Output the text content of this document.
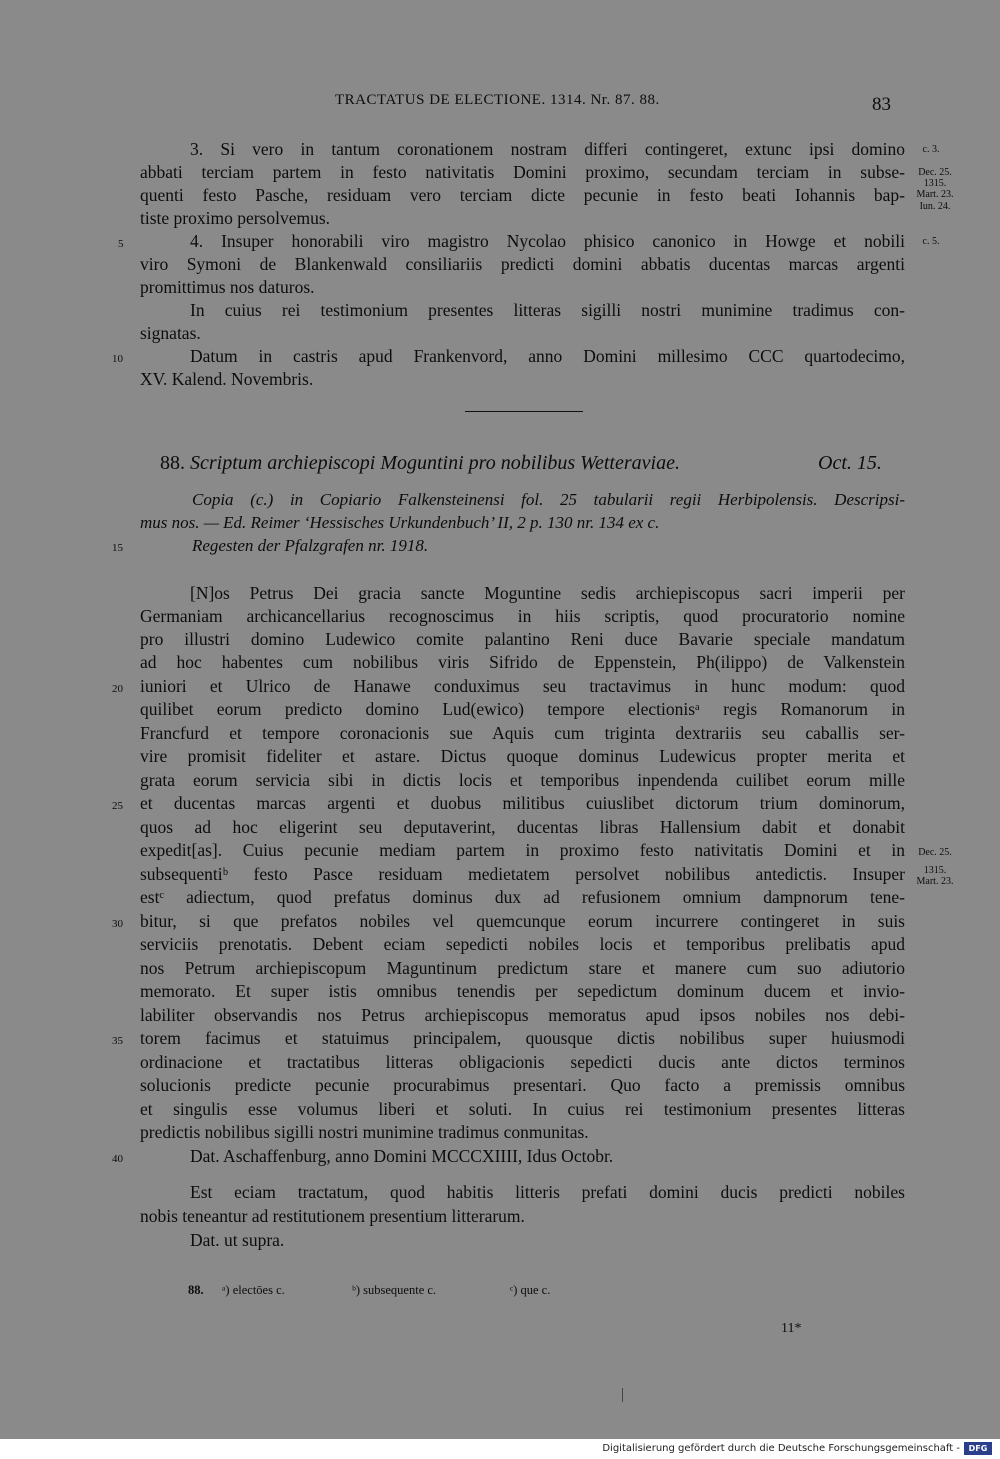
TRACTATUS DE ELECTIONE. 1314. Nr. 87. 88.	83
3. Si vero in tantum coronationem nostram differi contingeret, extunc ipsi domino
abbati terciam partem in festo nativitatis Domini proximo, secundam terciam in subse-
quenti festo Pasche, residuam vero terciam dicte pecunie in festo beati Iohannis bap-
tiste proximo persolvemus.
4. Insuper honorabili viro magistro Nycolao phisico canonico in Howge et nobili
viro Symoni de Blankenwald consiliariis predicti domini abbatis ducentas marcas argenti
promittimus nos daturos.
In cuius rei testimonium presentes litteras sigilli nostri munimine tradimus con-
signatas.
Datum in castris apud Frankenvord, anno Domini millesimo CCC quartodecimo,
XV. Kalend. Novembris.
88. Scriptum archiepiscopi Moguntini pro nobilibus Wetteraviae.	Oct. 15.
Copia (c.) in Copiario Falkensteinensi fol. 25 tabularii regii Herbipolensis. Descripsi-
mus nos. — Ed. Reimer ‘Hessisches Urkundenbuch’ II, 2 p. 130 nr. 134 ex c.
Regesten der Pfalzgrafen nr. 1918.
[N]os Petrus Dei gracia sancte Moguntine sedis archiepiscopus sacri imperii per
Germaniam archicancellarius recognoscimus in hiis scriptis, quod procuratorio nomine
pro illustri domino Ludewico comite palantino Reni duce Bavarie speciale mandatum
ad hoc habentes cum nobilibus viris Sifrido de Eppenstein, Ph(ilippo) de Valkenstein
iuniori et Ulrico de Hanawe conduximus seu tractavimus in hunc modum: quod
quilibet eorum predicto domino Lud(ewico) tempore electionisᵃ regis Romanorum in
Francfurd et tempore coronacionis sue Aquis cum triginta dextrariis seu caballis ser-
vire promisit fideliter et astare. Dictus quoque dominus Ludewicus propter merita et
grata eorum servicia sibi in dictis locis et temporibus inpendenda cuilibet eorum mille
et ducentas marcas argenti et duobus militibus cuiuslibet dictorum trium dominorum,
quos ad hoc eligerint seu deputaverint, ducentas libras Hallensium dabit et donabit
expedit[as]. Cuius pecunie mediam partem in proximo festo nativitatis Domini et in
subsequentiᵇ festo Pasce residuam medietatem persolvet nobilibus antedictis. Insuper
estᶜ adiectum, quod prefatus dominus dux ad refusionem omnium dampnorum tene-
bitur, si que prefatos nobiles vel quemcunque eorum incurrere contingeret in suis
serviciis prenotatis. Debent eciam sepedicti nobiles locis et temporibus prelibatis apud
nos Petrum archiepiscopum Maguntinum predictum stare et manere cum suo adiutorio
memorato. Et super istis omnibus tenendis per sepedictum dominum ducem et invio-
labiliter observandis nos Petrus archiepiscopus memoratus apud ipsos nobiles nos debi-
torem facimus et statuimus principalem, quousque dictis nobilibus super huiusmodi
ordinacione et tractatibus litteras obligacionis sepedicti ducis ante dictos terminos
solucionis predicte pecunie procurabimus presentari. Quo facto a premissis omnibus
et singulis esse volumus liberi et soluti. In cuius rei testimonium presentes litteras
predictis nobilibus sigilli nostri munimine tradimus conmunitas.
Dat. Aschaffenburg, anno Domini MCCCXIIII, Idus Octobr.
Est eciam tractatum, quod habitis litteris prefati domini ducis predicti nobiles
nobis teneantur ad restitutionem presentium litterarum.
Dat. ut supra.
5
10
15
20
25
30
35
40
c. 3.
Dec. 25.
1315.
Mart. 23.
Iun. 24.
c. 5.
Dec. 25.
1315.
Mart. 23.
88. ᵃ) electōes c.	ᵇ) subsequente c.	ᶜ) que c.
11*
Digitalisierung gefördert durch die Deutsche Forschungsgemeinschaft -	DFG
